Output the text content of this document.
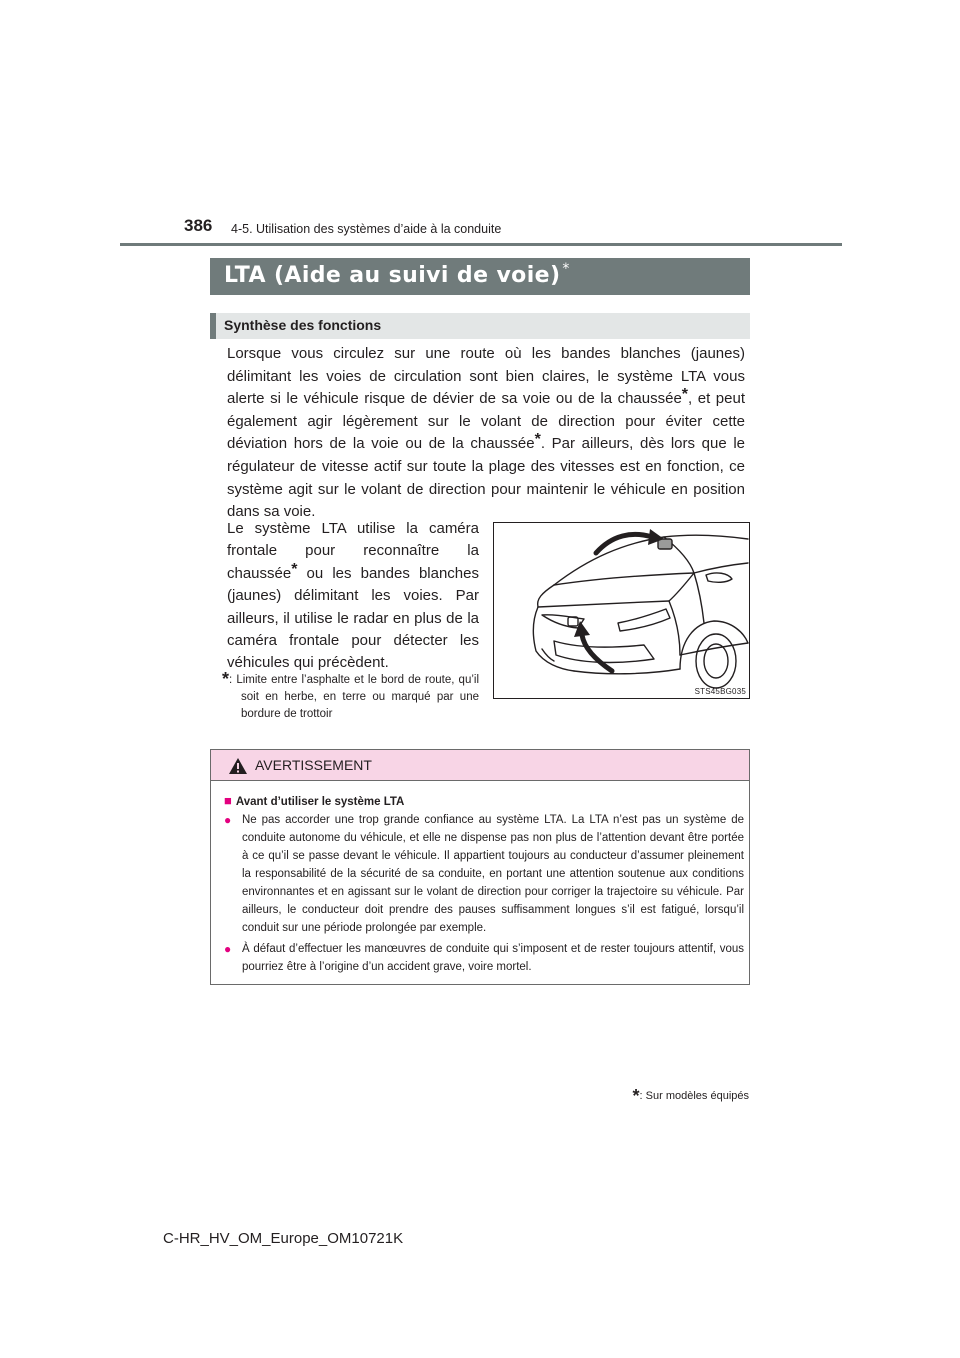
386 4-5. Utilisation des systèmes d’aide à la conduite
LTA (Aide au suivi de voie) *
Synthèse des fonctions

Lorsque vous circulez sur une route où les bandes blanches (jaunes) délimitant les voies de circulation sont bien claires, le système LTA vous alerte si le véhicule risque de dévier de sa voie ou de la chaussée*, et peut également agir légèrement sur le volant de direction pour éviter cette déviation hors de la voie ou de la chaussée*. Par ailleurs, dès lors que le régulateur de vitesse actif sur toute la plage des vitesses est en fonction, ce système agit sur le volant de direction pour maintenir le véhicule en position dans sa voie.

Le système LTA utilise la caméra frontale pour reconnaître la chaussée* ou les bandes blanches (jaunes) délimitant les voies. Par ailleurs, il utilise le radar en plus de la caméra frontale pour détecter les véhicules qui précèdent.

*: Limite entre l’asphalte et le bord de route, qu’il soit en herbe, en terre ou marqué par une bordure de trottoir

STS45BG035
AVERTISSEMENT
■ Avant d’utiliser le système LTA
● Ne pas accorder une trop grande confiance au système LTA. La LTA n’est pas un système de conduite autonome du véhicule, et elle ne dispense pas non plus de l’attention devant être portée à ce qu’il se passe devant le véhicule. Il appartient toujours au conducteur d’assumer pleinement la responsabilité de la sécurité de sa conduite, en portant une attention soutenue aux conditions environnantes et en agissant sur le volant de direction pour corriger la trajectoire su véhicule. Par ailleurs, le conducteur doit prendre des pauses suffisamment longues s’il est fatigué, lorsqu’il conduit sur une période prolongée par exemple.
● À défaut d’effectuer les manœuvres de conduite qui s’imposent et de rester toujours attentif, vous pourriez être à l’origine d’un accident grave, voire mortel.
*: Sur modèles équipés
C-HR_HV_OM_Europe_OM10721K
